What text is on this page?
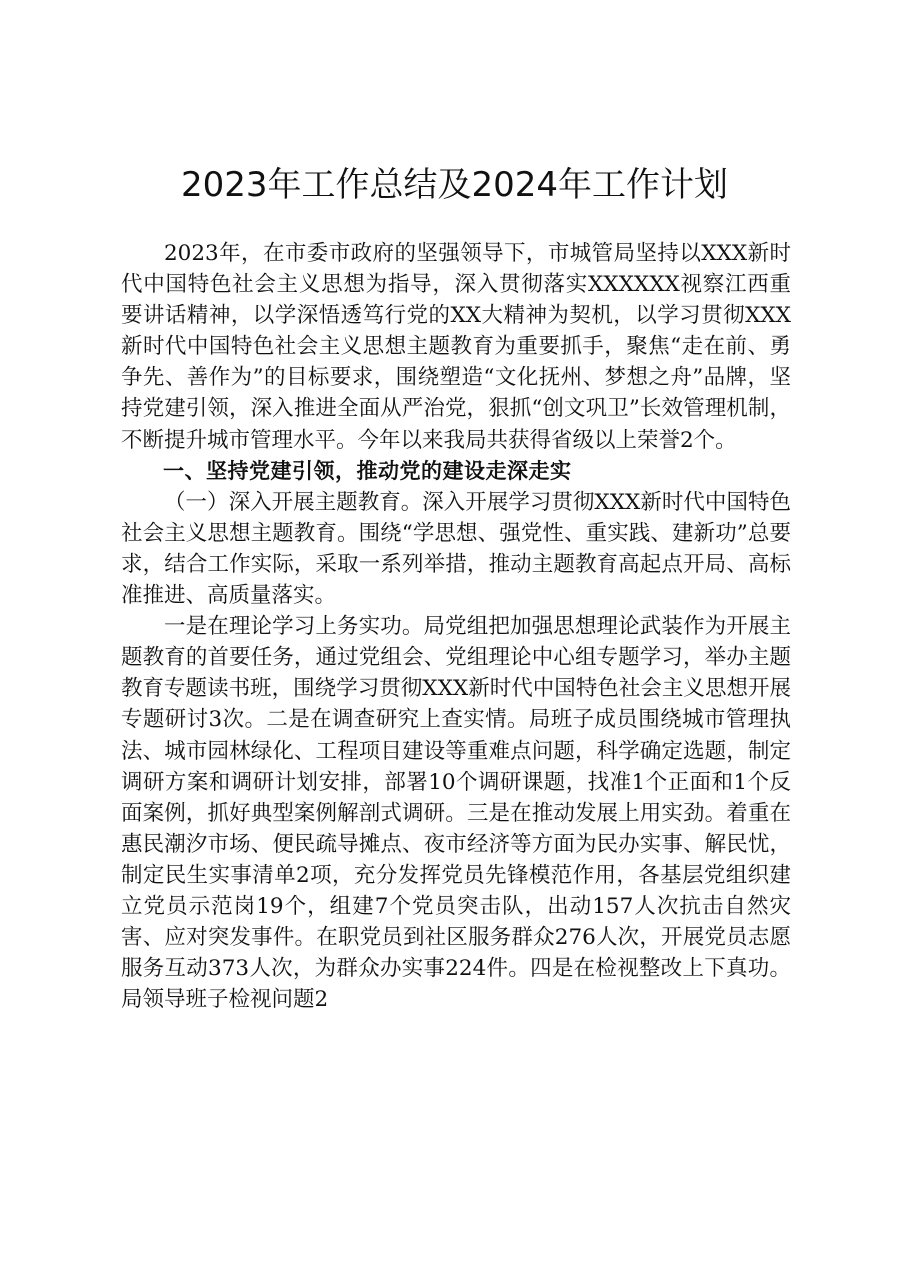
2023年工作总结及2024年工作计划

2023年，在市委市政府的坚强领导下，市城管局坚持以XXX新时代中国特色社会主义思想为指导，深入贯彻落实XXXXXX视察江西重要讲话精神，以学深悟透笃行党的XX大精神为契机，以学习贯彻XXX新时代中国特色社会主义思想主题教育为重要抓手，聚焦“走在前、勇争先、善作为”的目标要求，围绕塑造“文化抚州、梦想之舟”品牌，坚持党建引领，深入推进全面从严治党，狠抓“创文巩卫”长效管理机制，不断提升城市管理水平。今年以来我局共获得省级以上荣誉2个。

一、坚持党建引领，推动党的建设走深走实

（一）深入开展主题教育。深入开展学习贯彻XXX新时代中国特色社会主义思想主题教育。围绕“学思想、强党性、重实践、建新功”总要求，结合工作实际，采取一系列举措，推动主题教育高起点开局、高标准推进、高质量落实。

一是在理论学习上务实功。局党组把加强思想理论武装作为开展主题教育的首要任务，通过党组会、党组理论中心组专题学习，举办主题教育专题读书班，围绕学习贯彻XXX新时代中国特色社会主义思想开展专题研讨3次。二是在调查研究上查实情。局班子成员围绕城市管理执法、城市园林绿化、工程项目建设等重难点问题，科学确定选题，制定调研方案和调研计划安排，部署10个调研课题，找准1个正面和1个反面案例，抓好典型案例解剖式调研。三是在推动发展上用实劲。着重在惠民潮汐市场、便民疏导摊点、夜市经济等方面为民办实事、解民忧，制定民生实事清单2项，充分发挥党员先锋模范作用，各基层党组织建立党员示范岗19个，组建7个党员突击队，出动157人次抗击自然灾害、应对突发事件。在职党员到社区服务群众276人次，开展党员志愿服务互动373人次，为群众办实事224件。四是在检视整改上下真功。局领导班子检视问题2
